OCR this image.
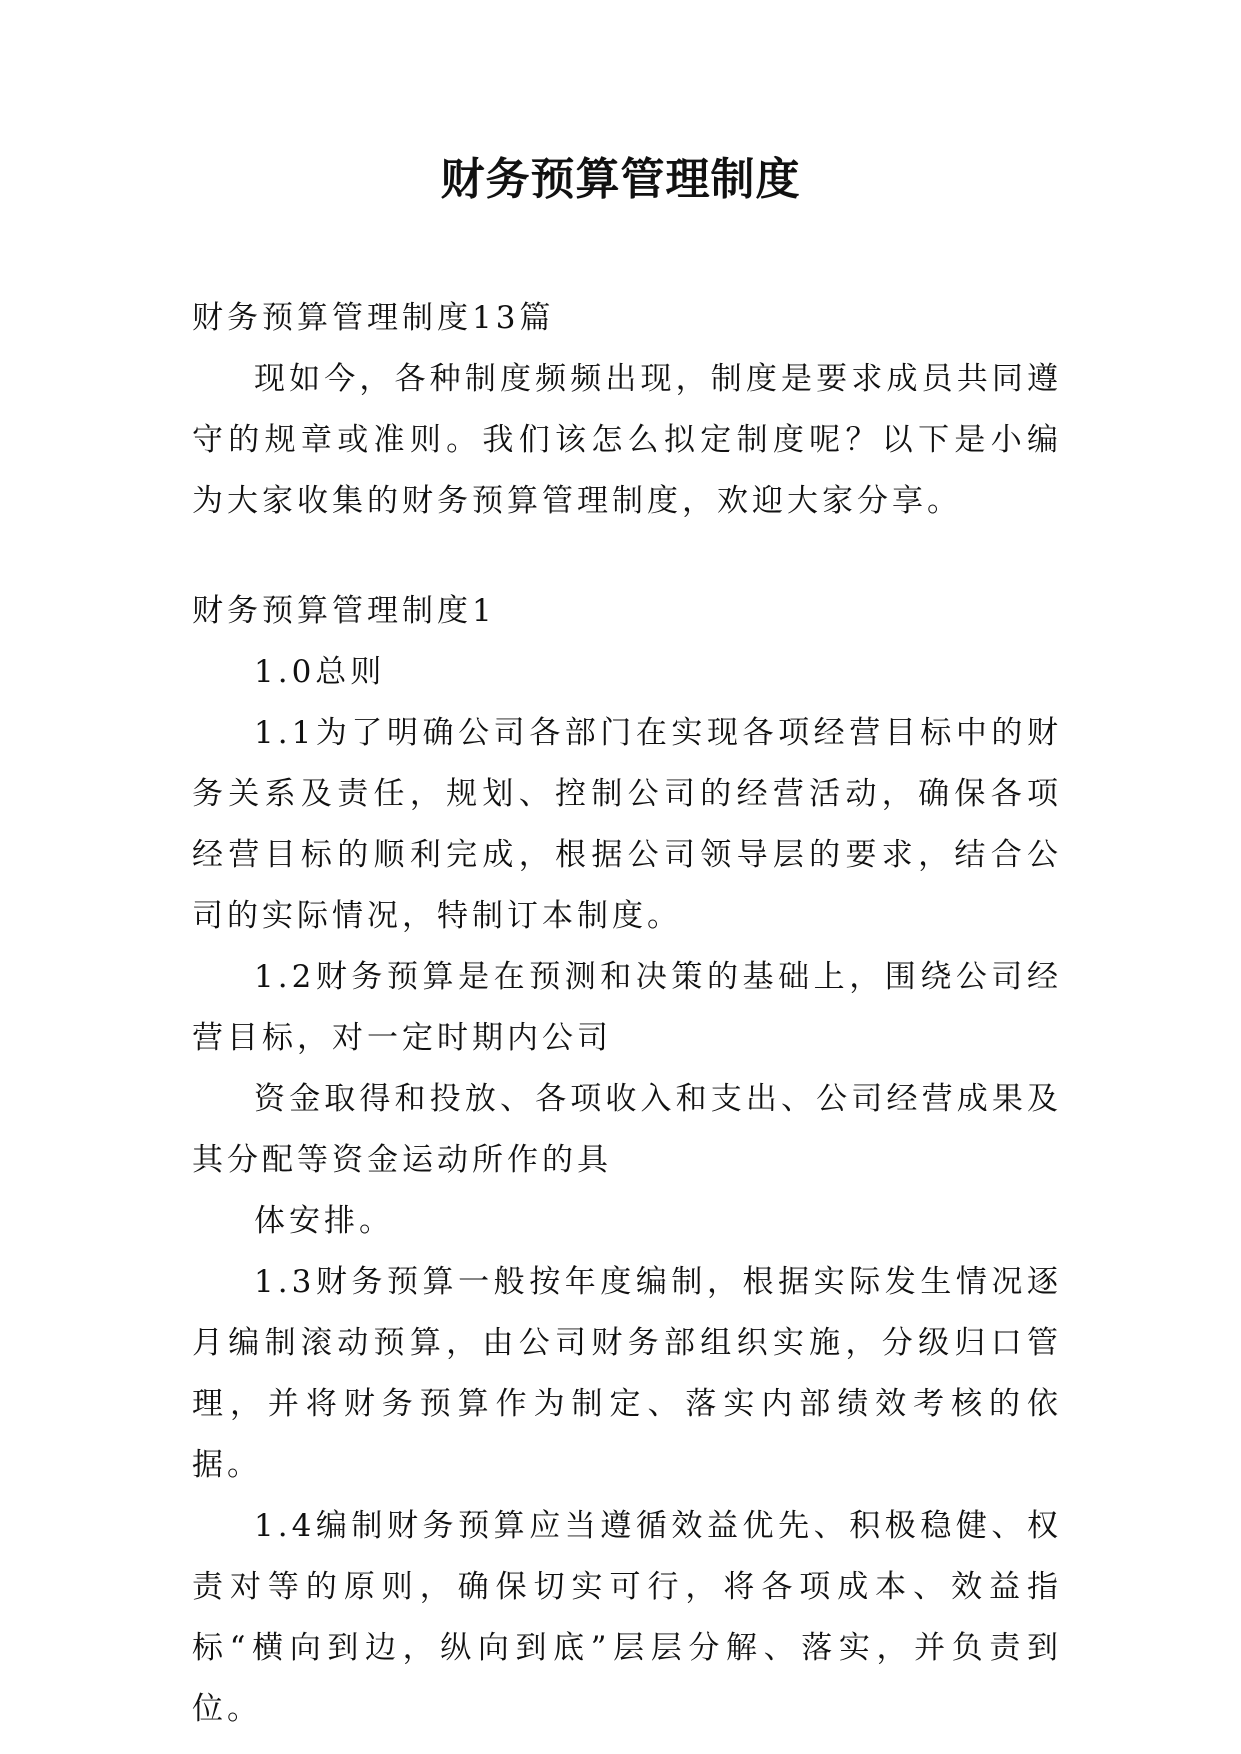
财务预算管理制度

财务预算管理制度13篇

现如今，各种制度频频出现，制度是要求成员共同遵守的规章或准则。我们该怎么拟定制度呢？以下是小编为大家收集的财务预算管理制度，欢迎大家分享。

财务预算管理制度1

1.0总则

1.1为了明确公司各部门在实现各项经营目标中的财务关系及责任，规划、控制公司的经营活动，确保各项经营目标的顺利完成，根据公司领导层的要求，结合公司的实际情况，特制订本制度。

1.2财务预算是在预测和决策的基础上，围绕公司经营目标，对一定时期内公司

资金取得和投放、各项收入和支出、公司经营成果及其分配等资金运动所作的具

体安排。

1.3财务预算一般按年度编制，根据实际发生情况逐月编制滚动预算，由公司财务部组织实施，分级归口管理，并将财务预算作为制定、落实内部绩效考核的依据。

1.4编制财务预算应当遵循效益优先、积极稳健、权责对等的原则，确保切实可行，将各项成本、效益指标“横向到边，纵向到底”层层分解、落实，并负责到位。
